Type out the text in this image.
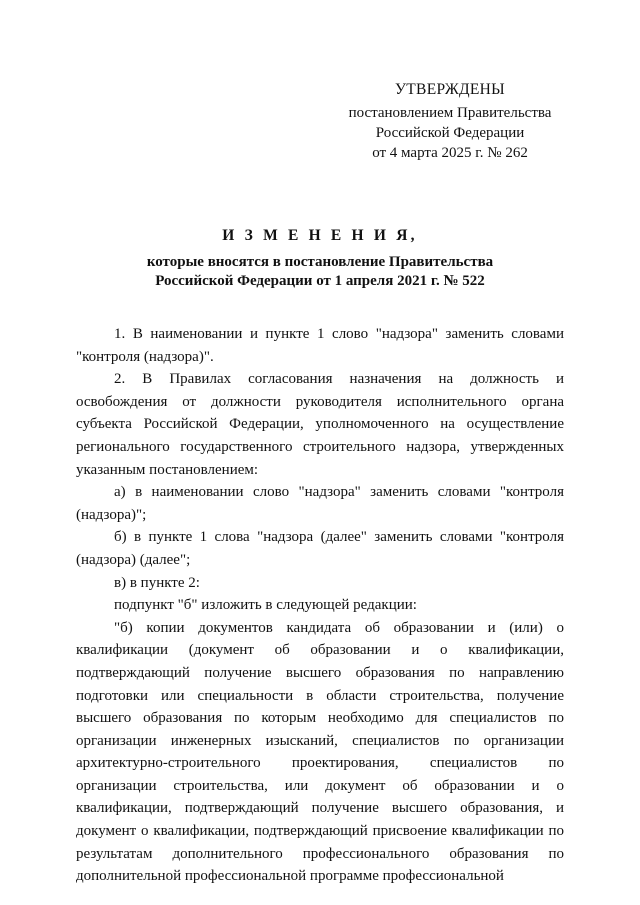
УТВЕРЖДЕНЫ
постановлением Правительства
Российской Федерации
от 4 марта 2025 г. № 262
И З М Е Н Е Н И Я,
которые вносятся в постановление Правительства
Российской Федерации от 1 апреля 2021 г. № 522

1. В наименовании и пункте 1 слово "надзора" заменить словами "контроля (надзора)".

2. В Правилах согласования назначения на должность и освобождения от должности руководителя исполнительного органа субъекта Российской Федерации, уполномоченного на осуществление регионального государственного строительного надзора, утвержденных указанным постановлением:

а) в наименовании слово "надзора" заменить словами "контроля (надзора)";

б) в пункте 1 слова "надзора (далее" заменить словами "контроля (надзора) (далее";

в) в пункте 2:

подпункт "б" изложить в следующей редакции:

"б) копии документов кандидата об образовании и (или) о квалификации (документ об образовании и о квалификации, подтверждающий получение высшего образования по направлению подготовки или специальности в области строительства, получение высшего образования по которым необходимо для специалистов по организации инженерных изысканий, специалистов по организации архитектурно-строительного проектирования, специалистов по организации строительства, или документ об образовании и о квалификации, подтверждающий получение высшего образования, и документ о квалификации, подтверждающий присвоение квалификации по результатам дополнительного профессионального образования по дополнительной профессиональной программе профессиональной
